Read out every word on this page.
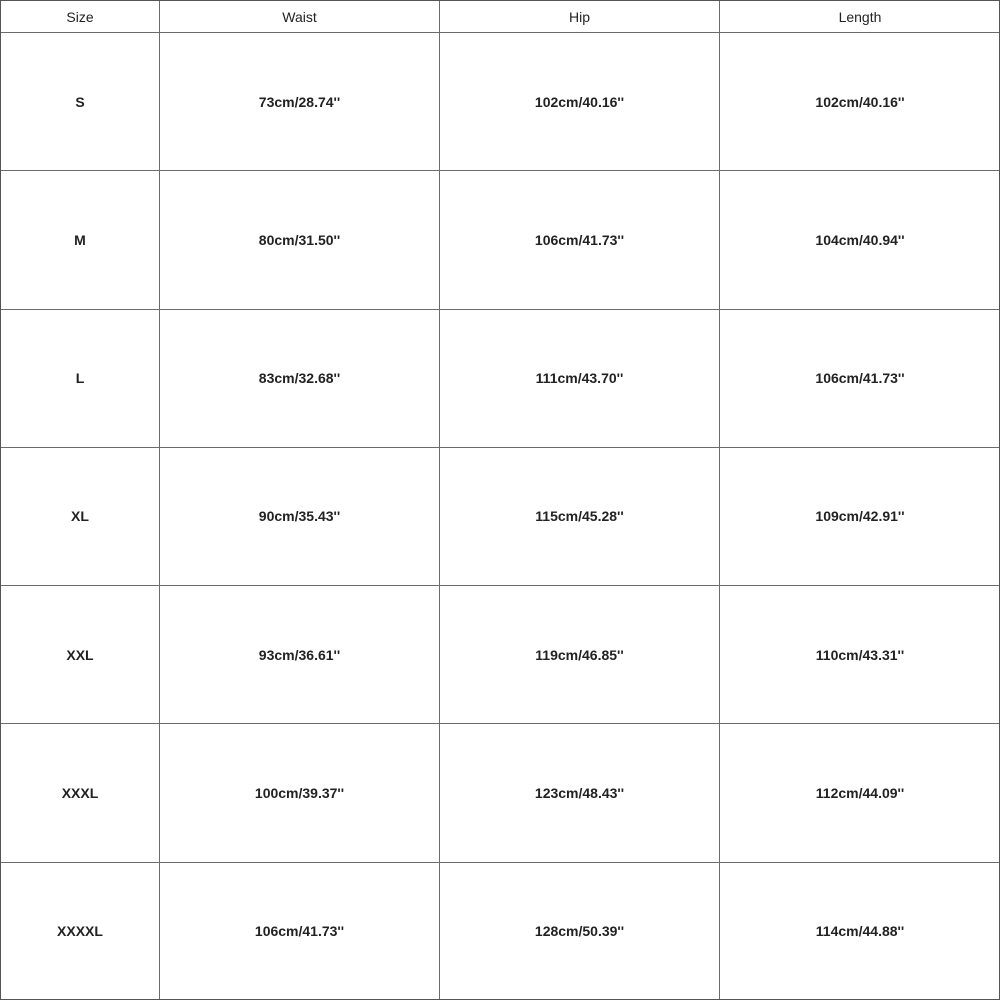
Size	Waist	Hip	Length
S	73cm/28.74''	102cm/40.16''	102cm/40.16''
M	80cm/31.50''	106cm/41.73''	104cm/40.94''
L	83cm/32.68''	111cm/43.70''	106cm/41.73''
XL	90cm/35.43''	115cm/45.28''	109cm/42.91''
XXL	93cm/36.61''	119cm/46.85''	110cm/43.31''
XXXL	100cm/39.37''	123cm/48.43''	112cm/44.09''
XXXXL	106cm/41.73''	128cm/50.39''	114cm/44.88''
